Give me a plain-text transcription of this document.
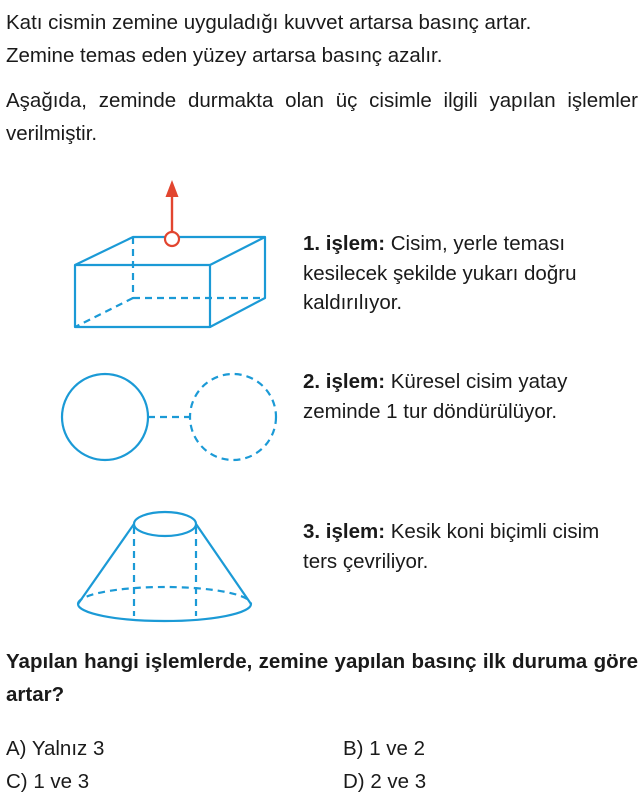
Katı cismin zemine uyguladığı kuvvet artarsa basınç artar.
Zemine temas eden yüzey artarsa basınç azalır.

Aşağıda, zeminde durmakta olan üç cisimle ilgili yapılan işlemler verilmiştir.

1. işlem: Cisim, yerle teması kesilecek şekilde yukarı doğru kaldırılıyor.

2. işlem: Küresel cisim yatay zeminde 1 tur döndürülüyor.

3. işlem: Kesik koni biçimli cisim ters çevriliyor.

Yapılan hangi işlemlerde, zemine yapılan basınç ilk duruma göre artar?

A) Yalnız 3	B) 1 ve 2

C) 1 ve 3	D) 2 ve 3
